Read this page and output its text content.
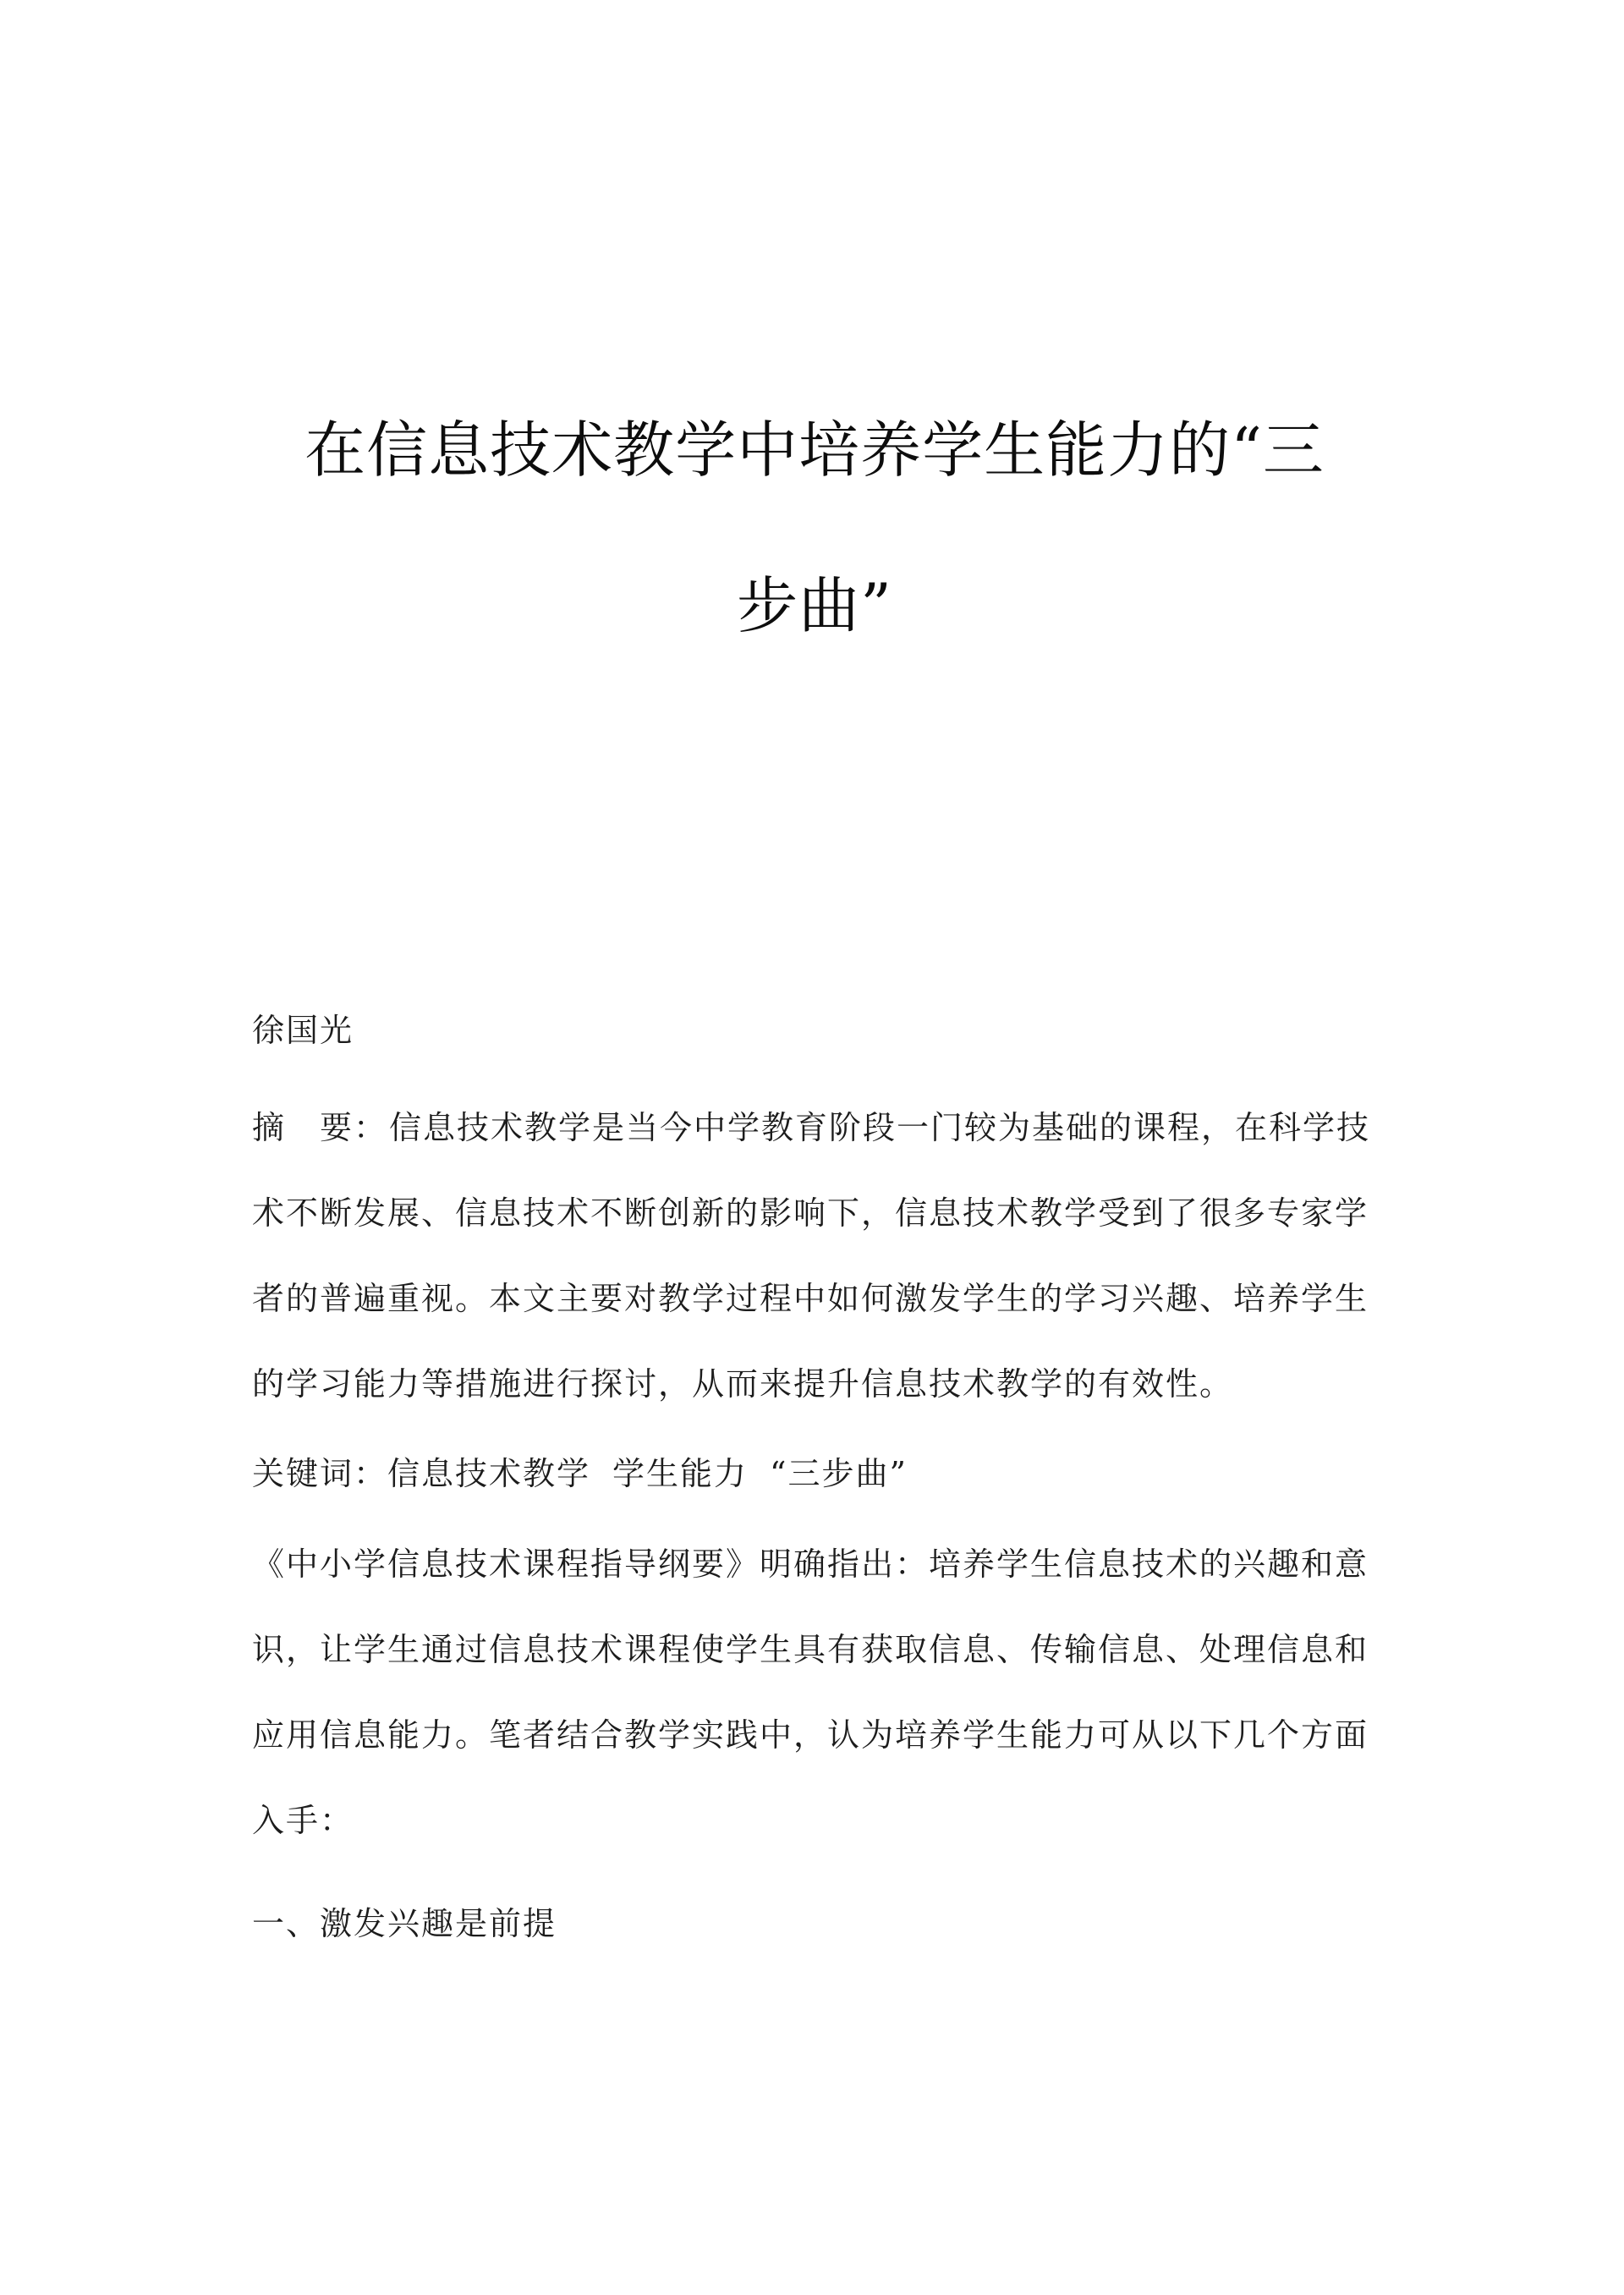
在信息技术教学中培养学生能力的“三
步曲”

徐国光

摘　要：信息技术教学是当今中学教育阶段一门较为基础的课程，在科学技术不断发展、信息技术不断创新的影响下，信息技术教学受到了很多专家学者的普遍重视。本文主要对教学过程中如何激发学生的学习兴趣、培养学生的学习能力等措施进行探讨，从而来提升信息技术教学的有效性。

关键词：信息技术教学 学生能力 “三步曲”

《中小学信息技术课程指导纲要》明确指出：培养学生信息技术的兴趣和意识，让学生通过信息技术课程使学生具有获取信息、传输信息、处理信息和应用信息能力。笔者结合教学实践中，认为培养学生能力可从以下几个方面入手：

一、激发兴趣是前提
